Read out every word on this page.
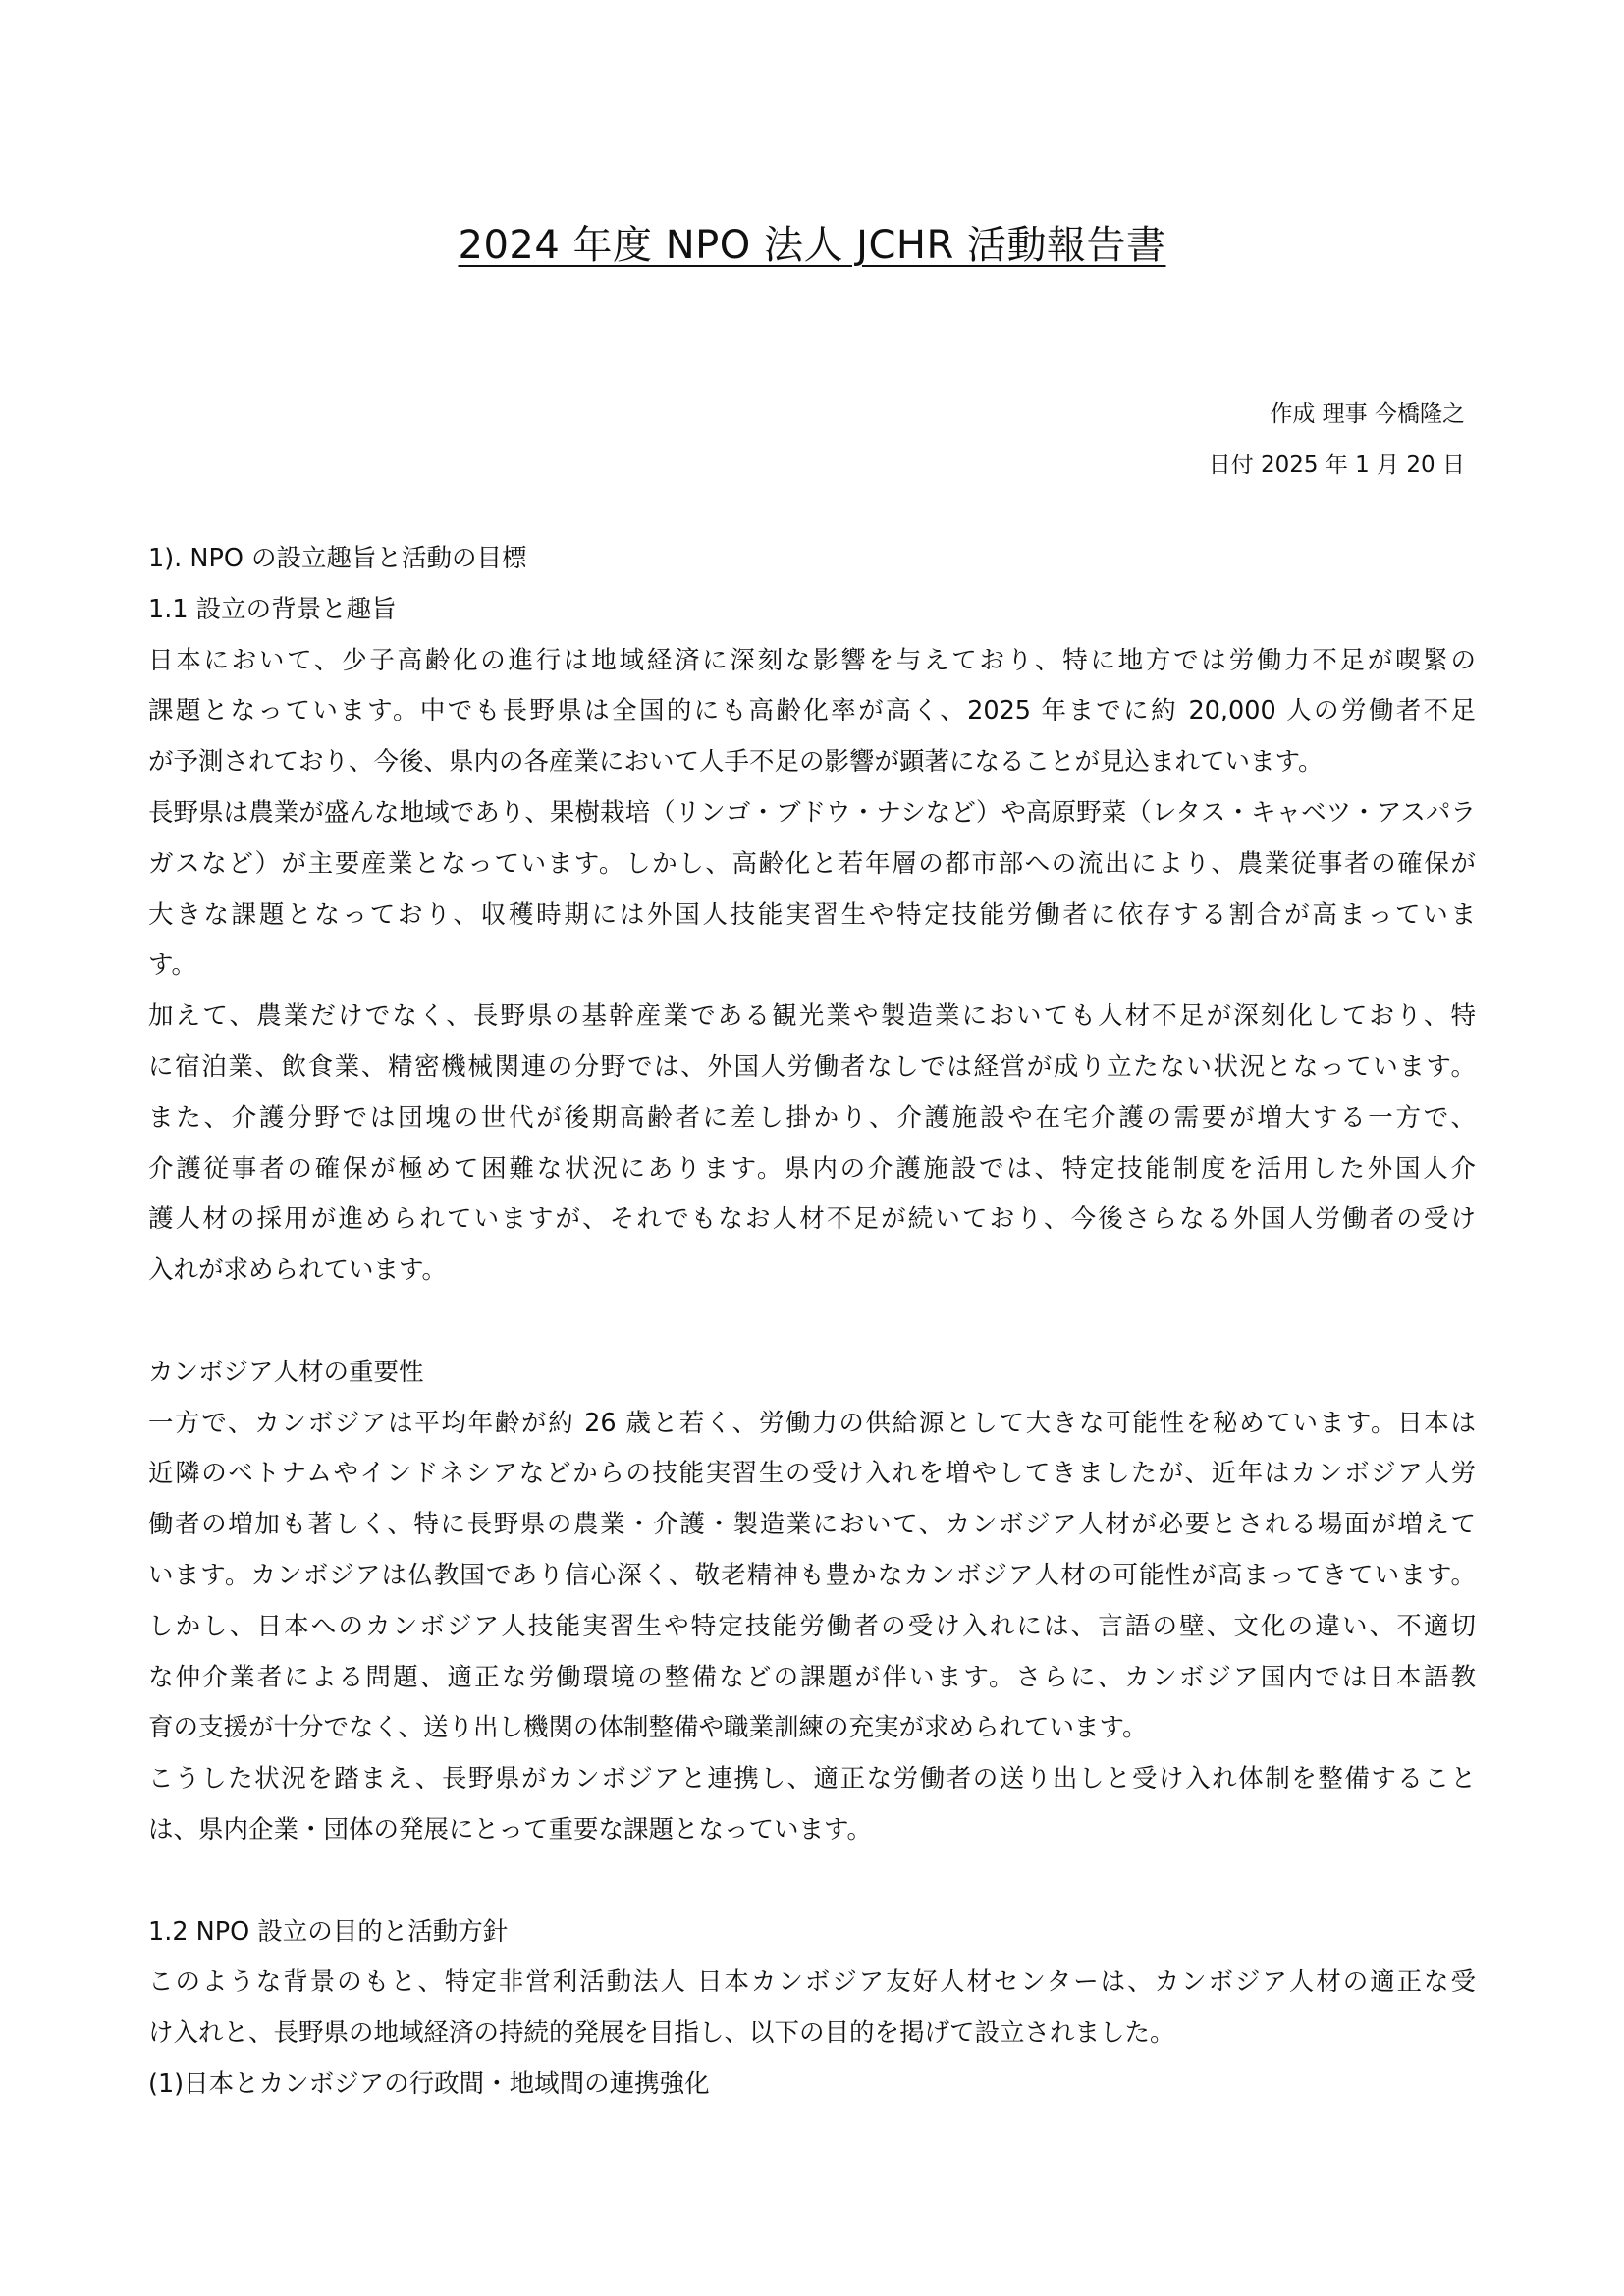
2024 年度 NPO 法人 JCHR 活動報告書
作成 理事 今橋隆之
日付 2025 年 1 月 20 日
1). NPO の設立趣旨と活動の目標
1.1 設立の背景と趣旨
日本において、少子高齢化の進行は地域経済に深刻な影響を与えており、特に地方では労働力不足が喫緊の
課題となっています。中でも長野県は全国的にも高齢化率が高く、2025 年までに約 20,000 人の労働者不足
が予測されており、今後、県内の各産業において人手不足の影響が顕著になることが見込まれています。
長野県は農業が盛んな地域であり、果樹栽培（リンゴ・ブドウ・ナシなど）や高原野菜（レタス・キャベツ・アスパラ
ガスなど）が主要産業となっています。しかし、高齢化と若年層の都市部への流出により、農業従事者の確保が
大きな課題となっており、収穫時期には外国人技能実習生や特定技能労働者に依存する割合が高まっていま
す。
加えて、農業だけでなく、長野県の基幹産業である観光業や製造業においても人材不足が深刻化しており、特
に宿泊業、飲食業、精密機械関連の分野では、外国人労働者なしでは経営が成り立たない状況となっています。
また、介護分野では団塊の世代が後期高齢者に差し掛かり、介護施設や在宅介護の需要が増大する一方で、
介護従事者の確保が極めて困難な状況にあります。県内の介護施設では、特定技能制度を活用した外国人介
護人材の採用が進められていますが、それでもなお人材不足が続いており、今後さらなる外国人労働者の受け
入れが求められています。
カンボジア人材の重要性
一方で、カンボジアは平均年齢が約 26 歳と若く、労働力の供給源として大きな可能性を秘めています。日本は
近隣のベトナムやインドネシアなどからの技能実習生の受け入れを増やしてきましたが、近年はカンボジア人労
働者の増加も著しく、特に長野県の農業・介護・製造業において、カンボジア人材が必要とされる場面が増えて
います。カンボジアは仏教国であり信心深く、敬老精神も豊かなカンボジア人材の可能性が高まってきています。
しかし、日本へのカンボジア人技能実習生や特定技能労働者の受け入れには、言語の壁、文化の違い、不適切
な仲介業者による問題、適正な労働環境の整備などの課題が伴います。さらに、カンボジア国内では日本語教
育の支援が十分でなく、送り出し機関の体制整備や職業訓練の充実が求められています。
こうした状況を踏まえ、長野県がカンボジアと連携し、適正な労働者の送り出しと受け入れ体制を整備すること
は、県内企業・団体の発展にとって重要な課題となっています。
1.2 NPO 設立の目的と活動方針
このような背景のもと、特定非営利活動法人 日本カンボジア友好人材センターは、カンボジア人材の適正な受
け入れと、長野県の地域経済の持続的発展を目指し、以下の目的を掲げて設立されました。
(1)日本とカンボジアの行政間・地域間の連携強化
